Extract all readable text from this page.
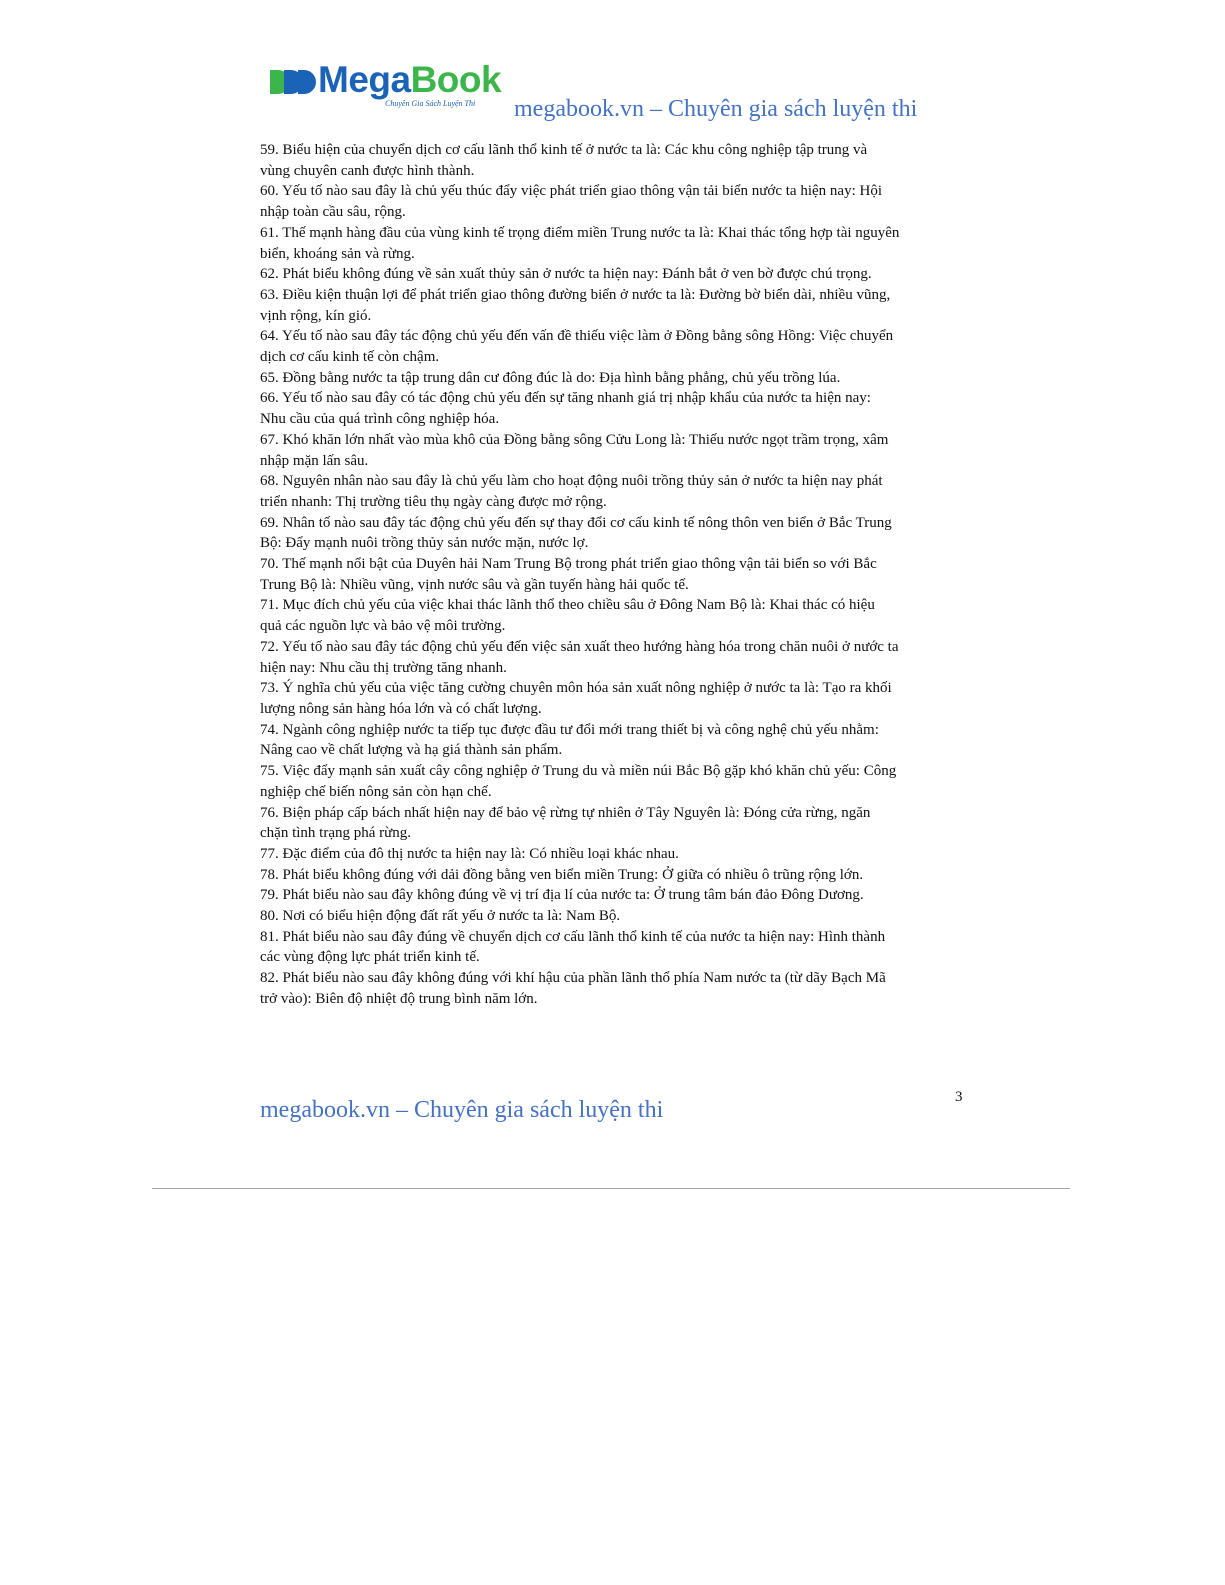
MegaBook
Chuyên Gia Sách Luyện Thi megabook.vn – Chuyên gia sách luyện thi

59. Biểu hiện của chuyển dịch cơ cấu lãnh thổ kinh tế ở nước ta là: Các khu công nghiệp tập trung và vùng chuyên canh được hình thành.

60. Yếu tố nào sau đây là chủ yếu thúc đẩy việc phát triển giao thông vận tải biển nước ta hiện nay: Hội nhập toàn cầu sâu, rộng.

61. Thế mạnh hàng đầu của vùng kinh tế trọng điểm miền Trung nước ta là: Khai thác tổng hợp tài nguyên biển, khoáng sản và rừng.

62. Phát biểu không đúng về sản xuất thủy sản ở nước ta hiện nay: Đánh bắt ở ven bờ được chú trọng.

63. Điều kiện thuận lợi để phát triển giao thông đường biển ở nước ta là: Đường bờ biển dài, nhiều vũng, vịnh rộng, kín gió.

64. Yếu tố nào sau đây tác động chủ yếu đến vấn đề thiếu việc làm ở Đồng bằng sông Hồng: Việc chuyển dịch cơ cấu kinh tế còn chậm.

65. Đồng bằng nước ta tập trung dân cư đông đúc là do: Địa hình bằng phẳng, chủ yếu trồng lúa.

66. Yếu tố nào sau đây có tác động chủ yếu đến sự tăng nhanh giá trị nhập khẩu của nước ta hiện nay: Nhu cầu của quá trình công nghiệp hóa.

67. Khó khăn lớn nhất vào mùa khô của Đồng bằng sông Cửu Long là: Thiếu nước ngọt trầm trọng, xâm nhập mặn lấn sâu.

68. Nguyên nhân nào sau đây là chủ yếu làm cho hoạt động nuôi trồng thủy sản ở nước ta hiện nay phát triển nhanh: Thị trường tiêu thụ ngày càng được mở rộng.

69. Nhân tố nào sau đây tác động chủ yếu đến sự thay đổi cơ cấu kinh tế nông thôn ven biển ở Bắc Trung Bộ: Đẩy mạnh nuôi trồng thủy sản nước mặn, nước lợ.

70. Thế mạnh nổi bật của Duyên hải Nam Trung Bộ trong phát triển giao thông vận tải biển so với Bắc Trung Bộ là: Nhiều vũng, vịnh nước sâu và gần tuyến hàng hải quốc tế.

71. Mục đích chủ yếu của việc khai thác lãnh thổ theo chiều sâu ở Đông Nam Bộ là: Khai thác có hiệu quả các nguồn lực và bảo vệ môi trường.

72. Yếu tố nào sau đây tác động chủ yếu đến việc sản xuất theo hướng hàng hóa trong chăn nuôi ở nước ta hiện nay: Nhu cầu thị trường tăng nhanh.

73. Ý nghĩa chủ yếu của việc tăng cường chuyên môn hóa sản xuất nông nghiệp ở nước ta là: Tạo ra khối lượng nông sản hàng hóa lớn và có chất lượng.

74. Ngành công nghiệp nước ta tiếp tục được đầu tư đổi mới trang thiết bị và công nghệ chủ yếu nhằm: Nâng cao về chất lượng và hạ giá thành sản phẩm.

75. Việc đẩy mạnh sản xuất cây công nghiệp ở Trung du và miền núi Bắc Bộ gặp khó khăn chủ yếu: Công nghiệp chế biến nông sản còn hạn chế.

76. Biện pháp cấp bách nhất hiện nay để bảo vệ rừng tự nhiên ở Tây Nguyên là: Đóng cửa rừng, ngăn chặn tình trạng phá rừng.

77. Đặc điểm của đô thị nước ta hiện nay là: Có nhiều loại khác nhau.

78. Phát biểu không đúng với dải đồng bằng ven biển miền Trung: Ở giữa có nhiều ô trũng rộng lớn.

79. Phát biểu nào sau đây không đúng về vị trí địa lí của nước ta: Ở trung tâm bán đảo Đông Dương.

80. Nơi có biểu hiện động đất rất yếu ở nước ta là: Nam Bộ.

81. Phát biểu nào sau đây đúng về chuyển dịch cơ cấu lãnh thổ kinh tế của nước ta hiện nay: Hình thành các vùng động lực phát triển kinh tế.

82. Phát biểu nào sau đây không đúng với khí hậu của phần lãnh thổ phía Nam nước ta (từ dãy Bạch Mã trở vào): Biên độ nhiệt độ trung bình năm lớn.

3
megabook.vn – Chuyên gia sách luyện thi
